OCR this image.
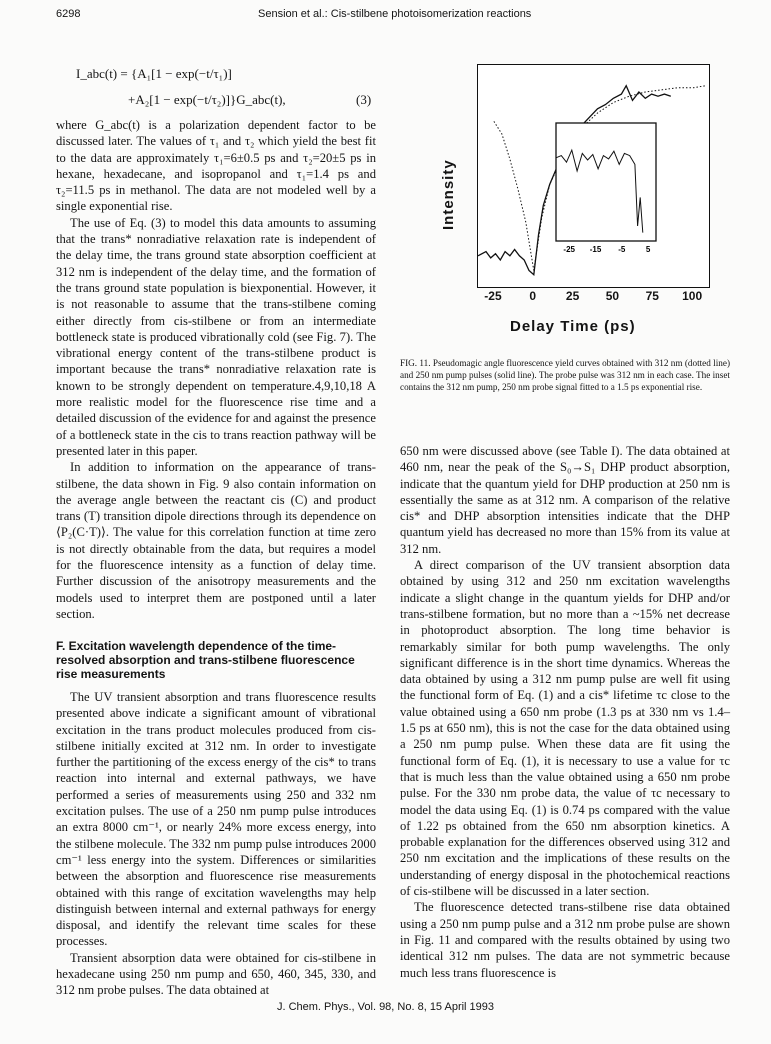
6298	Sension et al.: Cis-stilbene photoisomerization reactions
I_abc(t) = {A₁[1 − exp(−t/τ₁)]
+A₂[1 − exp(−t/τ₂)]}G_abc(t),	(3)

where G_abc(t) is a polarization dependent factor to be discussed later. The values of τ₁ and τ₂ which yield the best fit to the data are approximately τ₁=6±0.5 ps and τ₂=20±5 ps in hexane, hexadecane, and isopropanol and τ₁=1.4 ps and τ₂=11.5 ps in methanol. The data are not modeled well by a single exponential rise.

The use of Eq. (3) to model this data amounts to assuming that the trans* nonradiative relaxation rate is independent of the delay time, the trans ground state absorption coefficient at 312 nm is independent of the delay time, and the formation of the trans ground state population is biexponential. However, it is not reasonable to assume that the trans-stilbene coming either directly from cis-stilbene or from an intermediate bottleneck state is produced vibrationally cold (see Fig. 7). The vibrational energy content of the trans-stilbene product is important because the trans* nonradiative relaxation rate is known to be strongly dependent on temperature.4,9,10,18 A more realistic model for the fluorescence rise time and a detailed discussion of the evidence for and against the presence of a bottleneck state in the cis to trans reaction pathway will be presented later in this paper.

In addition to information on the appearance of trans-stilbene, the data shown in Fig. 9 also contain information on the average angle between the reactant cis (C) and product trans (T) transition dipole directions through its dependence on ⟨P₂(C·T)⟩. The value for this correlation function at time zero is not directly obtainable from the data, but requires a model for the fluorescence intensity as a function of delay time. Further discussion of the anisotropy measurements and the models used to interpret them are postponed until a later section.

F. Excitation wavelength dependence of the time-resolved absorption and trans-stilbene fluorescence rise measurements

The UV transient absorption and trans fluorescence results presented above indicate a significant amount of vibrational excitation in the trans product molecules produced from cis-stilbene initially excited at 312 nm. In order to investigate further the partitioning of the excess energy of the cis* to trans reaction into internal and external pathways, we have performed a series of measurements using 250 and 332 nm excitation pulses. The use of a 250 nm pump pulse introduces an extra 8000 cm⁻¹, or nearly 24% more excess energy, into the stilbene molecule. The 332 nm pump pulse introduces 2000 cm⁻¹ less energy into the system. Differences or similarities between the absorption and fluorescence rise measurements obtained with this range of excitation wavelengths may help distinguish between internal and external pathways for energy disposal, and identify the relevant time scales for these processes.

Transient absorption data were obtained for cis-stilbene in hexadecane using 250 nm pump and 650, 460, 345, 330, and 312 nm probe pulses. The data obtained at

-25 -15 -5	5
Intensity
-25 0 25 50 75 100
Delay Time (ps)
FIG. 11. Pseudomagic angle fluorescence yield curves obtained with 312 nm (dotted line) and 250 nm pump pulses (solid line). The probe pulse was 312 nm in each case. The inset contains the 312 nm pump, 250 nm probe signal fitted to a 1.5 ps exponential rise.

650 nm were discussed above (see Table I). The data obtained at 460 nm, near the peak of the S₀→S₁ DHP product absorption, indicate that the quantum yield for DHP production at 250 nm is essentially the same as at 312 nm. A comparison of the relative cis* and DHP absorption intensities indicate that the DHP quantum yield has decreased no more than 15% from its value at 312 nm.

A direct comparison of the UV transient absorption data obtained by using 312 and 250 nm excitation wavelengths indicate a slight change in the quantum yields for DHP and/or trans-stilbene formation, but no more than a ~15% net decrease in photoproduct absorption. The long time behavior is remarkably similar for both pump wavelengths. The only significant difference is in the short time dynamics. Whereas the data obtained by using a 312 nm pump pulse are well fit using the functional form of Eq. (1) and a cis* lifetime τc close to the value obtained using a 650 nm probe (1.3 ps at 330 nm vs 1.4–1.5 ps at 650 nm), this is not the case for the data obtained using a 250 nm pump pulse. When these data are fit using the functional form of Eq. (1), it is necessary to use a value for τc that is much less than the value obtained using a 650 nm probe pulse. For the 330 nm probe data, the value of τc necessary to model the data using Eq. (1) is 0.74 ps compared with the value of 1.22 ps obtained from the 650 nm absorption kinetics. A probable explanation for the differences observed using 312 and 250 nm excitation and the implications of these results on the understanding of energy disposal in the photochemical reactions of cis-stilbene will be discussed in a later section.

The fluorescence detected trans-stilbene rise data obtained using a 250 nm pump pulse and a 312 nm probe pulse are shown in Fig. 11 and compared with the results obtained by using two identical 312 nm pulses. The data are not symmetric because much less trans fluorescence is

J. Chem. Phys., Vol. 98, No. 8, 15 April 1993
